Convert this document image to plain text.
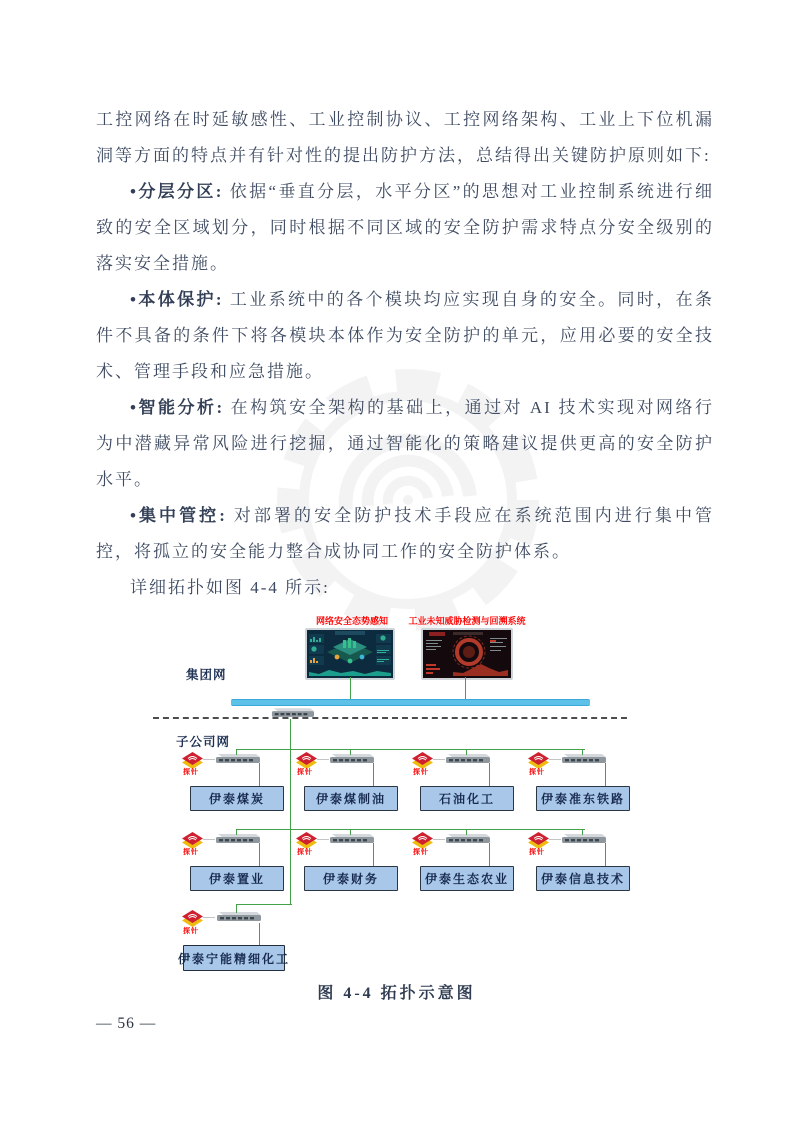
工控网络在时延敏感性、工业控制协议、工控网络架构、工业上下位机漏洞等方面的特点并有针对性的提出防护方法，总结得出关键防护原则如下:

•分层分区: 依据“垂直分层，水平分区”的思想对工业控制系统进行细致的安全区域划分，同时根据不同区域的安全防护需求特点分安全级别的落实安全措施。

•本体保护: 工业系统中的各个模块均应实现自身的安全。同时，在条件不具备的条件下将各模块本体作为安全防护的单元，应用必要的安全技术、管理手段和应急措施。

•智能分析: 在构筑安全架构的基础上，通过对 AI 技术实现对网络行为中潜藏异常风险进行挖掘，通过智能化的策略建议提供更高的安全防护水平。

•集中管控: 对部署的安全防护技术手段应在系统范围内进行集中管控，将孤立的安全能力整合成协同工作的安全防护体系。

详细拓扑如图 4-4 所示:

网络安全态势感知 工业未知威胁检测与回溯系统
集团网
子公司网
探针
伊泰煤炭
探针
伊泰煤制油
探针
石油化工
探针
伊泰准东铁路
探针
伊泰置业
探针
伊泰财务
探针
伊泰生态农业
探针
伊泰信息技术
探针
伊泰宁能精细化工
图 4-4 拓扑示意图
— 56 —
